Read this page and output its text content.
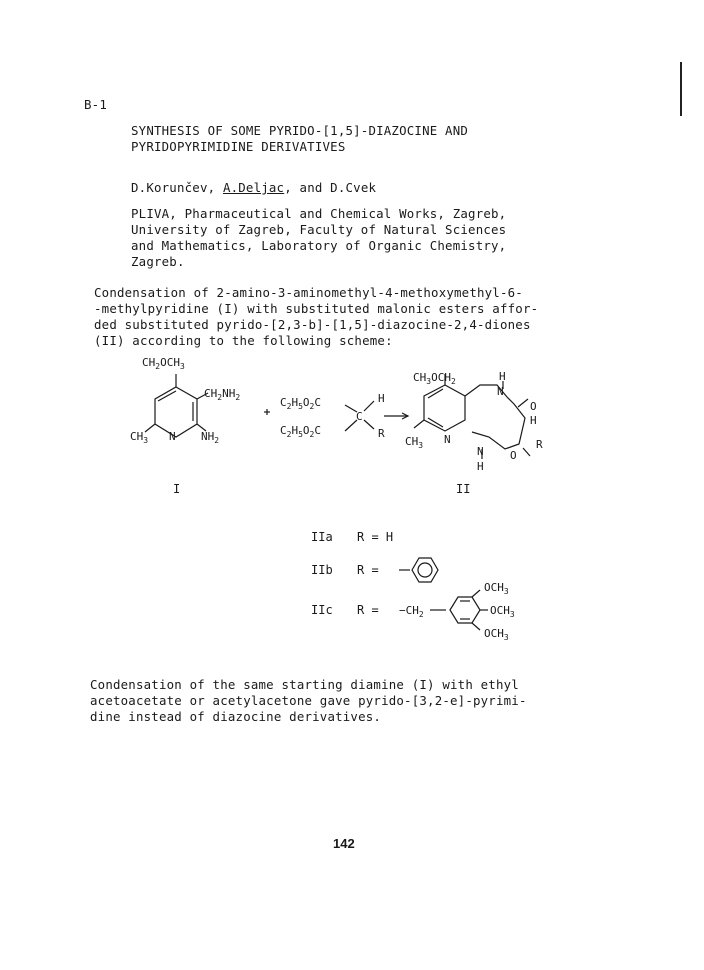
B-1
SYNTHESIS OF SOME PYRIDO-[1,5]-DIAZOCINE AND
PYRIDOPYRIMIDINE DERIVATIVES
D.Korunčev, A.Deljac, and D.Cvek
PLIVA, Pharmaceutical and Chemical Works, Zagreb,
University of Zagreb, Faculty of Natural Sciences
and Mathematics, Laboratory of Organic Chemistry,
Zagreb.
Condensation of 2-amino-3-aminomethyl-4-methoxymethyl-6-
-methylpyridine (I) with substituted malonic esters affor-
ded substituted pyrido-[2,3-b]-[1,5]-diazocine-2,4-diones
(II) according to the following scheme:
$CH_2OCH_3$
$CH_2NH_2$
$CH_3$ N $NH_2$
$C_2H_5O_2C$
$C_2H_5O_2C$
C
H
R
$CH_3OCH_2$	H
N
O
H
R
$CH_3$ N
N
H
O
$-CH_2$
$OCH_3$
$OCH_3$
$OCH_3$
I	II
IIa R = H
IIb R =
IIc R =
Condensation of the same starting diamine (I) with ethyl
acetoacetate or acetylacetone gave pyrido-[3,2-e]-pyrimi-
dine instead of diazocine derivatives.
142
